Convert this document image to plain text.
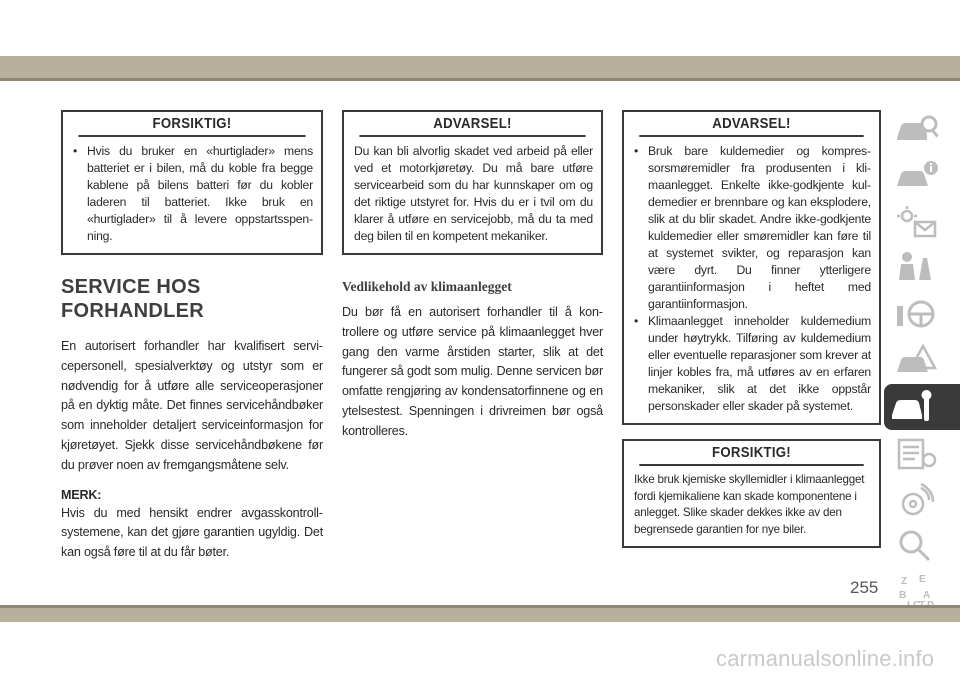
FORSIKTIG!
• Hvis du bruker en «hurtiglader» mens batteriet er i bilen, må du koble fra begge kablene på bilens batteri før du kobler laderen til batteriet. Ikke bruk en «hurtiglader» til å levere oppstartsspenning.
SERVICE HOS
FORHANDLER
En autorisert forhandler har kvalifisert servicepersonell, spesialverktøy og utstyr som er nødvendig for å utføre alle serviceoperasjoner på en dyktig måte. Det finnes servicehåndbøker som inneholder detaljert serviceinformasjon for kjøretøyet. Sjekk disse servicehåndbøkene før du prøver noen av fremgangsmåtene selv.
MERK:
Hvis du med hensikt endrer avgasskontrollsystemene, kan det gjøre garantien ugyldig. Det kan også føre til at du får bøter.
ADVARSEL!
Du kan bli alvorlig skadet ved arbeid på eller ved et motorkjøretøy. Du må bare utføre servicearbeid som du har kunnskaper om og det riktige utstyret for. Hvis du er i tvil om du klarer å utføre en servicejobb, må du ta med deg bilen til en kompetent mekaniker.
Vedlikehold av klimaanlegget
Du bør få en autorisert forhandler til å kontrollere og utføre service på klimaanlegget hver gang den varme årstiden starter, slik at det fungerer så godt som mulig. Denne servicen bør omfatte rengjøring av kondensatorfinnene og en ytelsestest. Spenningen i drivreimen bør også kontrolleres.
ADVARSEL!
• Bruk bare kuldemedier og kompressorsmøremidler fra produsenten i klimaanlegget. Enkelte ikke-godkjente kuldemedier er brennbare og kan eksplodere, slik at du blir skadet. Andre ikke-godkjente kuldemedier eller smøremidler kan føre til at systemet svikter, og reparasjon kan være dyrt. Du finner ytterligere garantiinformasjon i heftet med garantiinformasjon.
• Klimaanlegget inneholder kuldemedium under høytrykk. Tilføring av kuldemedium eller eventuelle reparasjoner som krever at linjer kobles fra, må utføres av en erfaren mekaniker, slik at det ikke oppstår personskader eller skader på systemet.
FORSIKTIG!
Ikke bruk kjemiske skyllemidler i klimaanlegget fordi kjemikaliene kan skade komponentene i anlegget. Slike skader dekkes ikke av den begrensede garantien for nye biler.
Z E
B A
255
carmanualsonline.info
